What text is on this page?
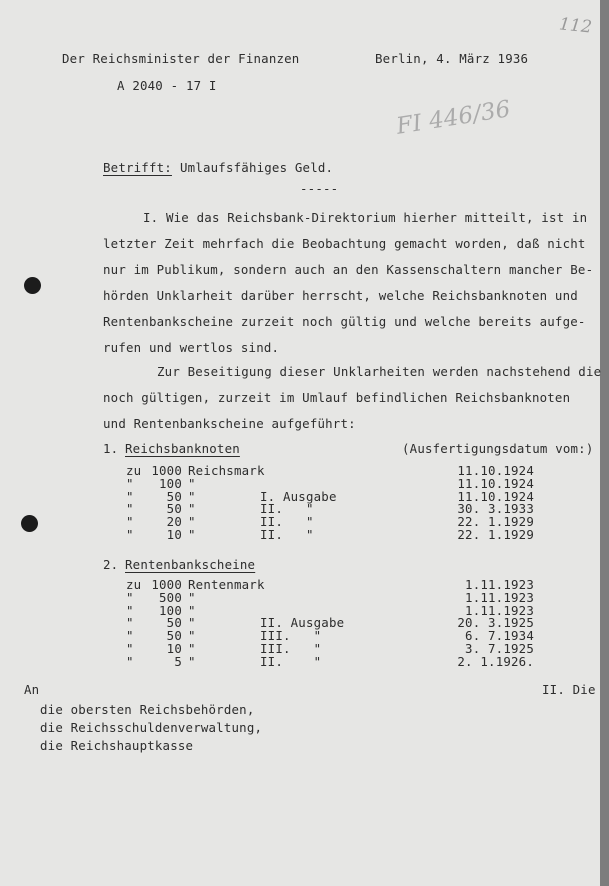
Der Reichsminister der Finanzen	Berlin, 4. März 1936
A 2040 - 17 I
112
FI 446/36
Betrifft: Umlaufsfähiges Geld.
-----
I. Wie das Reichsbank-Direktorium hierher mitteilt, ist in
letzter Zeit mehrfach die Beobachtung gemacht worden, daß nicht
nur im Publikum, sondern auch an den Kassenschaltern mancher Be-
hörden Unklarheit darüber herrscht, welche Reichsbanknoten und
Rentenbankscheine zurzeit noch gültig und welche bereits aufge-
rufen und wertlos sind.
Zur Beseitigung dieser Unklarheiten werden nachstehend die
noch gültigen, zurzeit im Umlauf befindlichen Reichsbanknoten
und Rentenbankscheine aufgeführt:
1. Reichsbanknoten	(Ausfertigungsdatum vom:)
zu 1000 Reichsmark	11.10.1924
" 100 "	11.10.1924
"	50 "	I. Ausgabe	11.10.1924
"	50 "	II.   "	30. 3.1933
"	20 "	II.   "	22. 1.1929
"	10 "	II.   "	22. 1.1929
2. Rentenbankscheine
zu 1000 Rentenmark	1.11.1923
" 500 "	1.11.1923
" 100 "	1.11.1923
"	50 "	II. Ausgabe	20. 3.1925
"	50 "	III.   "	6. 7.1934
"	10 "	III.   "	3. 7.1925
"	5 "	II.    "	2. 1.1926.
An	II. Die
die obersten Reichsbehörden,
die Reichsschuldenverwaltung,
die Reichshauptkasse
